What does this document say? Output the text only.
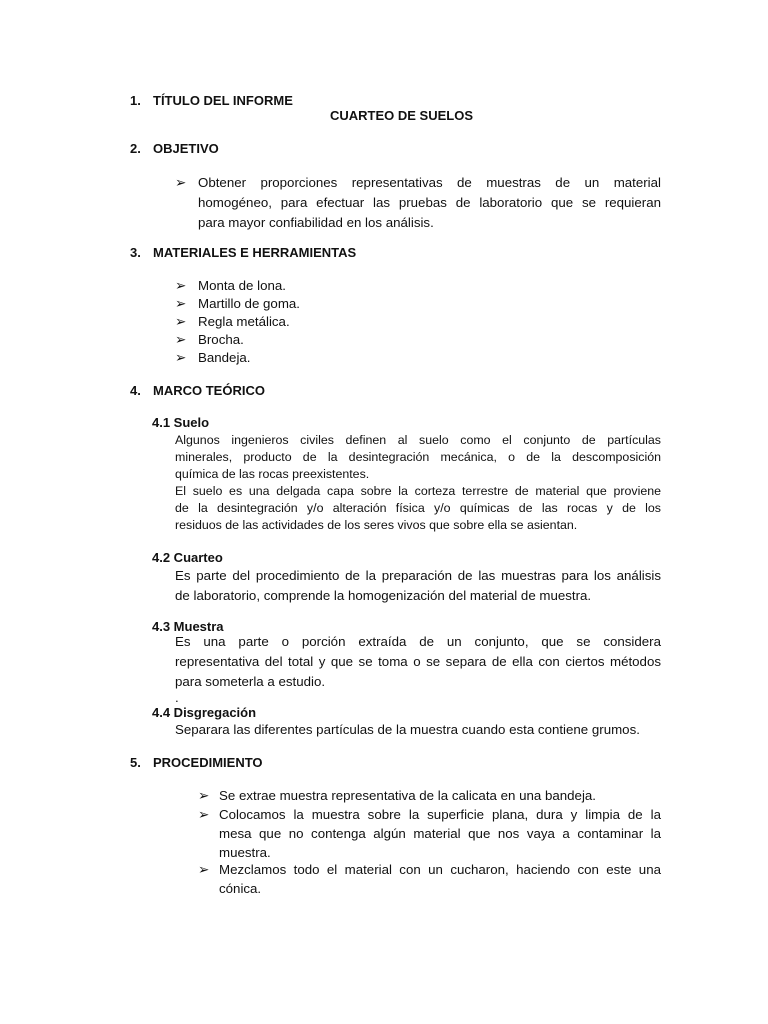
1. TÍTULO DEL INFORME
CUARTEO DE SUELOS
2. OBJETIVO
➢ Obtener proporciones representativas de muestras de un material
homogéneo, para efectuar las pruebas de laboratorio que se requieran
para mayor confiabilidad en los análisis.
3. MATERIALES E HERRAMIENTAS
➢ Monta de lona.
➢ Martillo de goma.
➢ Regla metálica.
➢ Brocha.
➢ Bandeja.
4. MARCO TEÓRICO
4.1 Suelo
Algunos ingenieros civiles definen al suelo como el conjunto de partículas
minerales, producto de la desintegración mecánica, o de la descomposición
química de las rocas preexistentes.
El suelo es una delgada capa sobre la corteza terrestre de material que proviene
de la desintegración y/o alteración física y/o químicas de las rocas y de los
residuos de las actividades de los seres vivos que sobre ella se asientan.
4.2 Cuarteo
Es parte del procedimiento de la preparación de las muestras para los análisis
de laboratorio, comprende la homogenización del material de muestra.
4.3 Muestra
Es una parte o porción extraída de un conjunto, que se considera
representativa del total y que se toma o se separa de ella con ciertos métodos
para someterla a estudio.
.
4.4 Disgregación
Separara las diferentes partículas de la muestra cuando esta contiene grumos.
5. PROCEDIMIENTO
➢ Se extrae muestra representativa de la calicata en una bandeja.
➢ Colocamos la muestra sobre la superficie plana, dura y limpia de la
mesa que no contenga algún material que nos vaya a contaminar la
muestra.
➢ Mezclamos todo el material con un cucharon, haciendo con este una
cónica.
